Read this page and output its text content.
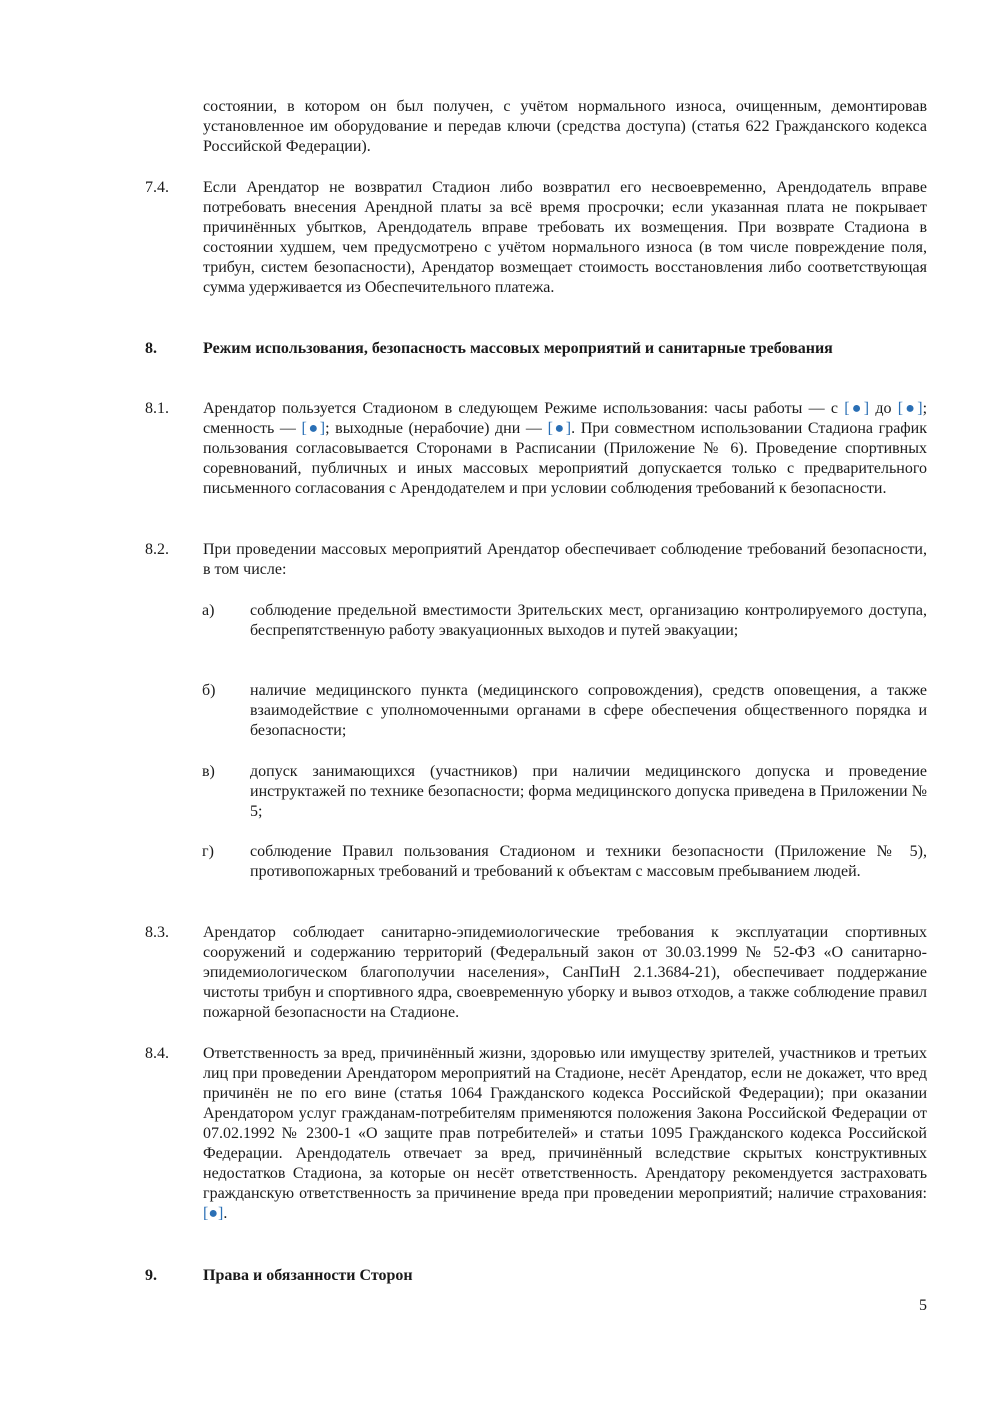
состоянии, в котором он был получен, с учётом нормального износа, очищенным, демонтировав установленное им оборудование и передав ключи (средства доступа) (статья 622 Гражданского кодекса Российской Федерации).
7.4.	Если Арендатор не возвратил Стадион либо возвратил его несвоевременно, Арендодатель вправе потребовать внесения Арендной платы за всё время просрочки; если указанная плата не покрывает причинённых убытков, Арендодатель вправе требовать их возмещения. При возврате Стадиона в состоянии худшем, чем предусмотрено с учётом нормального износа (в том числе повреждение поля, трибун, систем безопасности), Арендатор возмещает стоимость восстановления либо соответствующая сумма удерживается из Обеспечительного платежа.
8.	Режим использования, безопасность массовых мероприятий и санитарные требования
8.1.	Арендатор пользуется Стадионом в следующем Режиме использования: часы работы — с [●] до [●]; сменность — [●]; выходные (нерабочие) дни — [●]. При совместном использовании Стадиона график пользования согласовывается Сторонами в Расписании (Приложение № 6). Проведение спортивных соревнований, публичных и иных массовых мероприятий допускается только с предварительного письменного согласования с Арендодателем и при условии соблюдения требований к безопасности.
8.2.	При проведении массовых мероприятий Арендатор обеспечивает соблюдение требований безопасности, в том числе:
а)	соблюдение предельной вместимости Зрительских мест, организацию контролируемого доступа, беспрепятственную работу эвакуационных выходов и путей эвакуации;
б)	наличие медицинского пункта (медицинского сопровождения), средств оповещения, а также взаимодействие с уполномоченными органами в сфере обеспечения общественного порядка и безопасности;
в)	допуск занимающихся (участников) при наличии медицинского допуска и проведение инструктажей по технике безопасности; форма медицинского допуска приведена в Приложении № 5;
г)	соблюдение Правил пользования Стадионом и техники безопасности (Приложение № 5), противопожарных требований и требований к объектам с массовым пребыванием людей.
8.3.	Арендатор соблюдает санитарно-эпидемиологические требования к эксплуатации спортивных сооружений и содержанию территорий (Федеральный закон от 30.03.1999 № 52-ФЗ «О санитарно-эпидемиологическом благополучии населения», СанПиН 2.1.3684-21), обеспечивает поддержание чистоты трибун и спортивного ядра, своевременную уборку и вывоз отходов, а также соблюдение правил пожарной безопасности на Стадионе.
8.4.	Ответственность за вред, причинённый жизни, здоровью или имуществу зрителей, участников и третьих лиц при проведении Арендатором мероприятий на Стадионе, несёт Арендатор, если не докажет, что вред причинён не по его вине (статья 1064 Гражданского кодекса Российской Федерации); при оказании Арендатором услуг гражданам-потребителям применяются положения Закона Российской Федерации от 07.02.1992 № 2300-1 «О защите прав потребителей» и статьи 1095 Гражданского кодекса Российской Федерации. Арендодатель отвечает за вред, причинённый вследствие скрытых конструктивных недостатков Стадиона, за которые он несёт ответственность. Арендатору рекомендуется застраховать гражданскую ответственность за причинение вреда при проведении мероприятий; наличие страхования: [●].
9.	Права и обязанности Сторон
5
